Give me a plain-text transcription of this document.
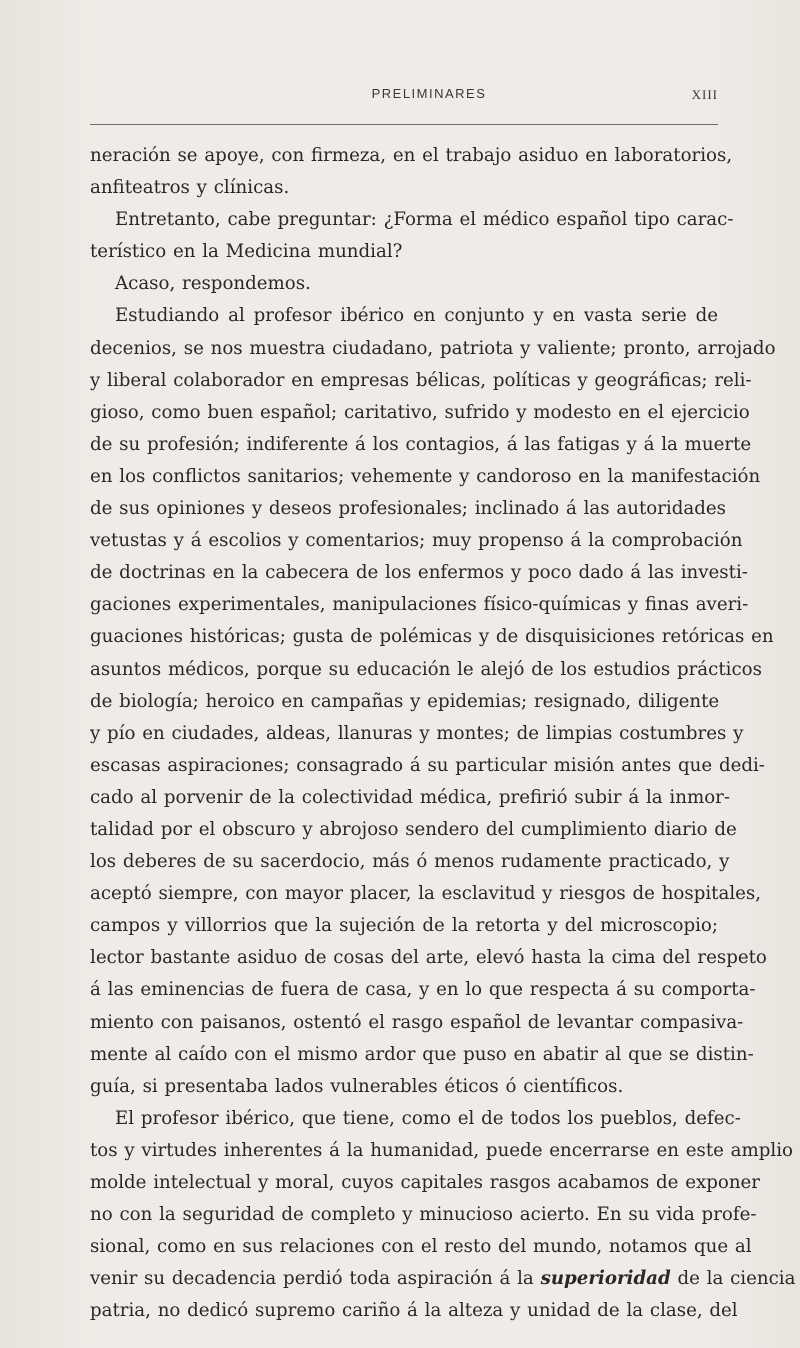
PRELIMINARES	XIII
neración se apoye, con firmeza, en el trabajo asiduo en laboratorios,
anfiteatros y clínicas.
Entretanto, cabe preguntar: ¿Forma el médico español tipo carac-
terístico en la Medicina mundial?
Acaso, respondemos.
Estudiando al profesor ibérico en conjunto y en vasta serie de
decenios, se nos muestra ciudadano, patriota y valiente; pronto, arrojado
y liberal colaborador en empresas bélicas, políticas y geográficas; reli-
gioso, como buen español; caritativo, sufrido y modesto en el ejercicio
de su profesión; indiferente á los contagios, á las fatigas y á la muerte
en los conflictos sanitarios; vehemente y candoroso en la manifestación
de sus opiniones y deseos profesionales; inclinado á las autoridades
vetustas y á escolios y comentarios; muy propenso á la comprobación
de doctrinas en la cabecera de los enfermos y poco dado á las investi-
gaciones experimentales, manipulaciones físico-químicas y finas averi-
guaciones históricas; gusta de polémicas y de disquisiciones retóricas en
asuntos médicos, porque su educación le alejó de los estudios prácticos
de biología; heroico en campañas y epidemias; resignado, diligente
y pío en ciudades, aldeas, llanuras y montes; de limpias costumbres y
escasas aspiraciones; consagrado á su particular misión antes que dedi-
cado al porvenir de la colectividad médica, prefirió subir á la inmor-
talidad por el obscuro y abrojoso sendero del cumplimiento diario de
los deberes de su sacerdocio, más ó menos rudamente practicado, y
aceptó siempre, con mayor placer, la esclavitud y riesgos de hospitales,
campos y villorrios que la sujeción de la retorta y del microscopio;
lector bastante asiduo de cosas del arte, elevó hasta la cima del respeto
á las eminencias de fuera de casa, y en lo que respecta á su comporta-
miento con paisanos, ostentó el rasgo español de levantar compasiva-
mente al caído con el mismo ardor que puso en abatir al que se distin-
guía, si presentaba lados vulnerables éticos ó científicos.
El profesor ibérico, que tiene, como el de todos los pueblos, defec-
tos y virtudes inherentes á la humanidad, puede encerrarse en este amplio
molde intelectual y moral, cuyos capitales rasgos acabamos de exponer
no con la seguridad de completo y minucioso acierto. En su vida profe-
sional, como en sus relaciones con el resto del mundo, notamos que al
venir su decadencia perdió toda aspiración á la superioridad de la ciencia
patria, no dedicó supremo cariño á la alteza y unidad de la clase, del
